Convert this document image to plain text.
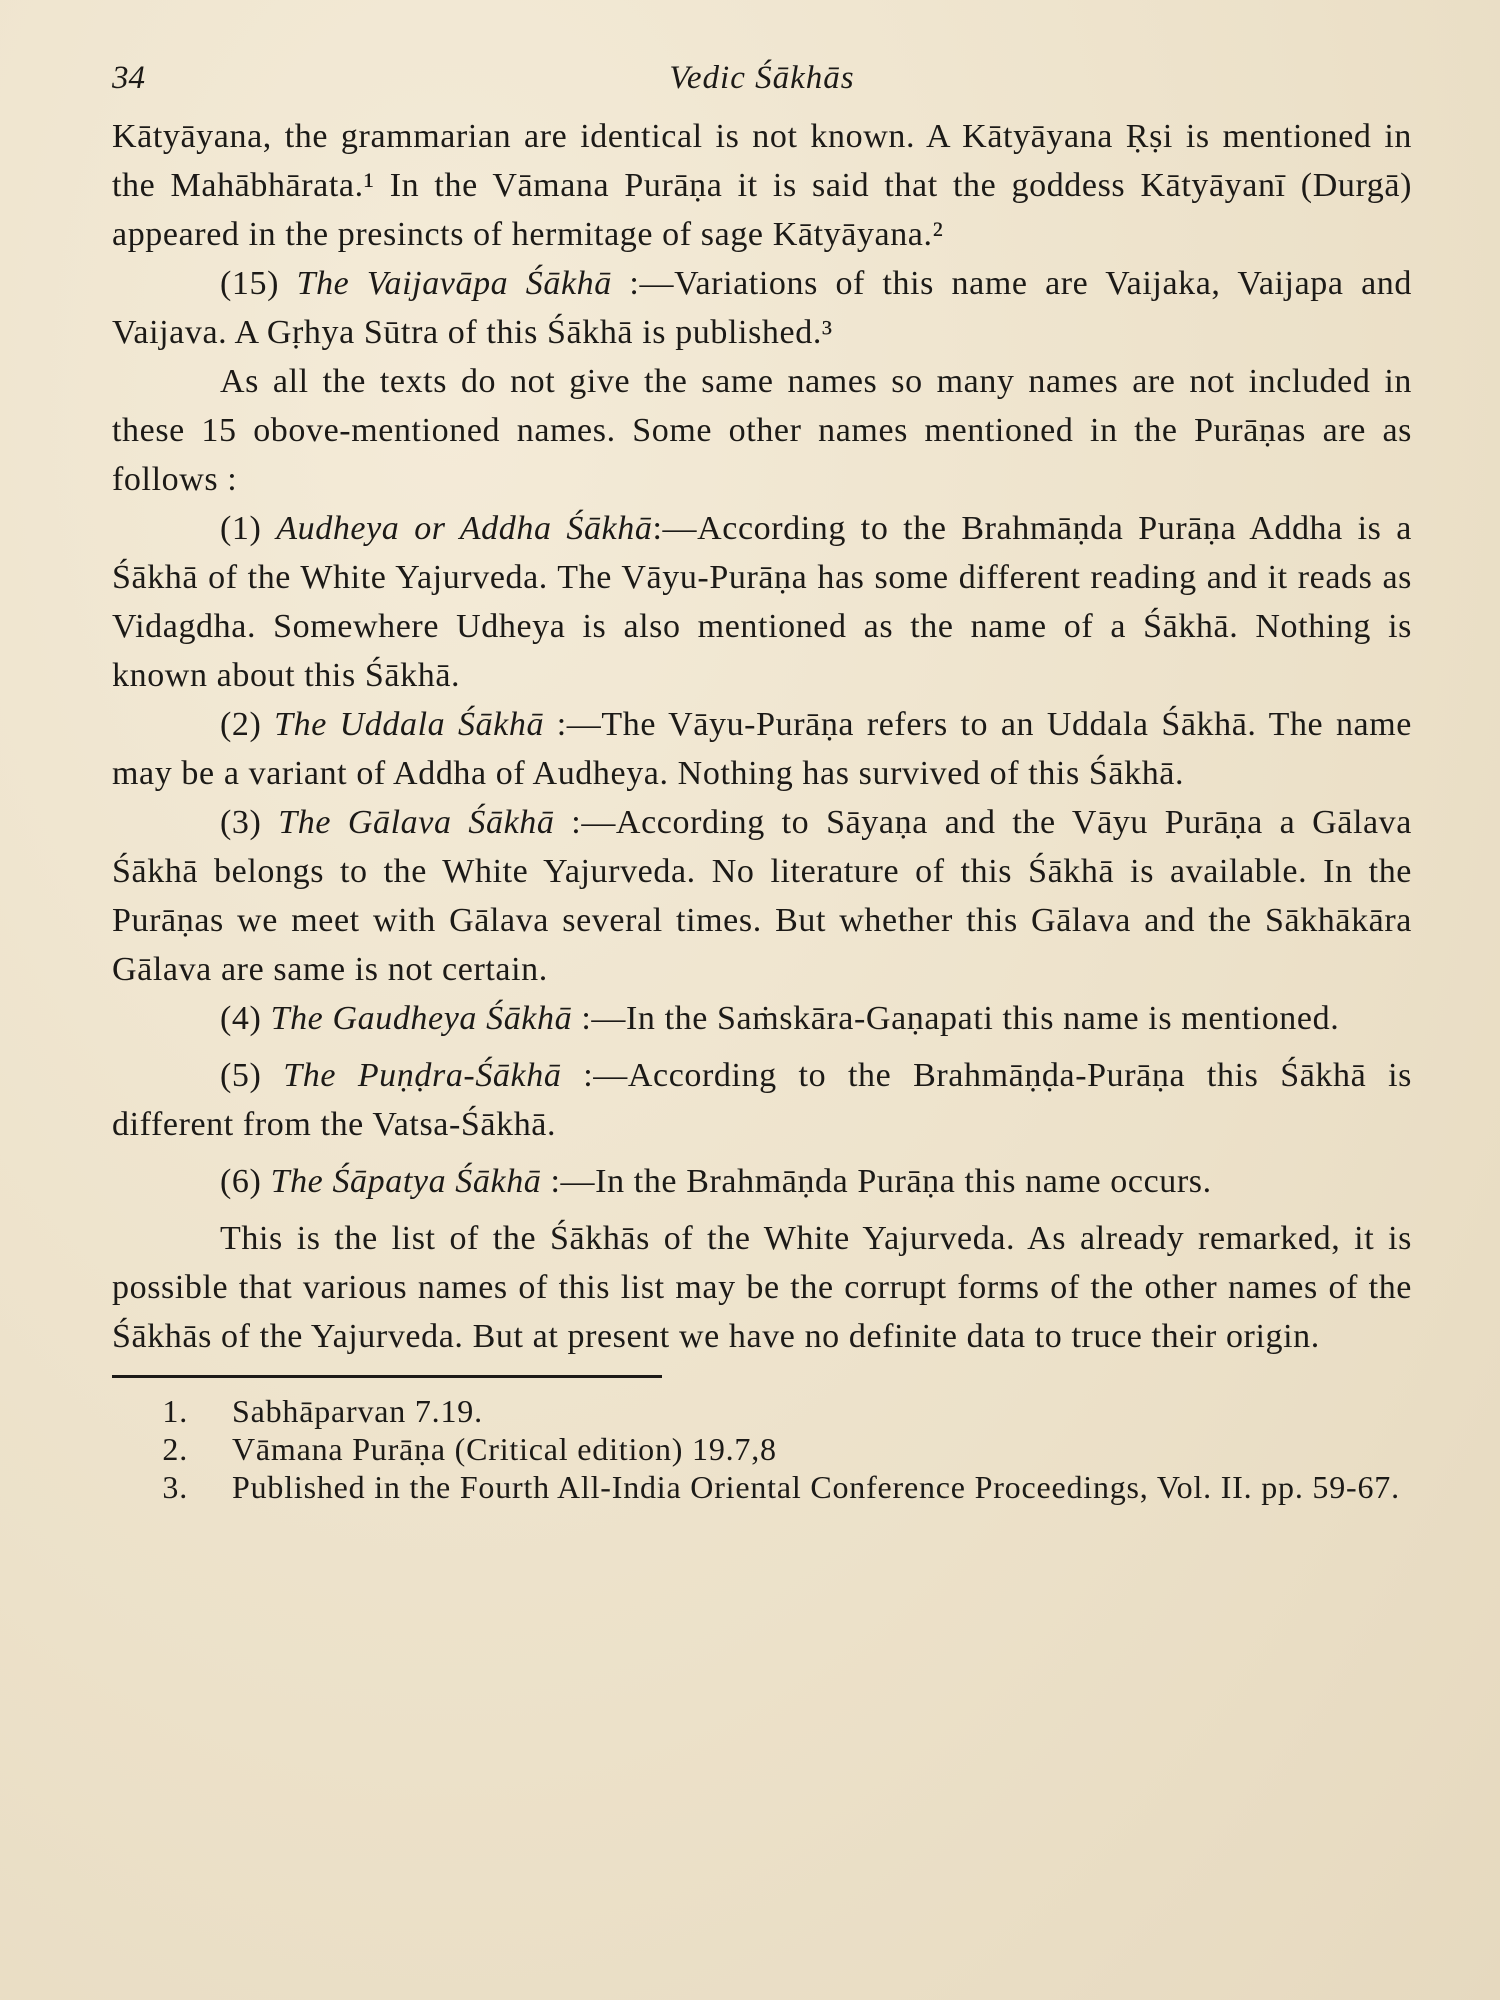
34	Vedic Śākhās

Kātyāyana, the grammarian are identical is not known. A Kātyāyana Ṛṣi is mentioned in the Mahābhārata.¹ In the Vāmana Purāṇa it is said that the goddess Kātyāyanī (Durgā) appeared in the presincts of hermitage of sage Kātyāyana.²

(15) The Vaijavāpa Śākhā :—Variations of this name are Vaijaka, Vaijapa and Vaijava. A Gṛhya Sūtra of this Śākhā is published.³

As all the texts do not give the same names so many names are not included in these 15 obove-mentioned names. Some other names mentioned in the Purāṇas are as follows :

(1) Audheya or Addha Śākhā:—According to the Brahmāṇda Purāṇa Addha is a Śākhā of the White Yajurveda. The Vāyu-Purāṇa has some different reading and it reads as Vidagdha. Somewhere Udheya is also mentioned as the name of a Śākhā. Nothing is known about this Śākhā.

(2) The Uddala Śākhā :—The Vāyu-Purāṇa refers to an Uddala Śākhā. The name may be a variant of Addha of Audheya. Nothing has survived of this Śākhā.

(3) The Gālava Śākhā :—According to Sāyaṇa and the Vāyu Purāṇa a Gālava Śākhā belongs to the White Yajurveda. No literature of this Śākhā is available. In the Purāṇas we meet with Gālava several times. But whether this Gālava and the Sākhākāra Gālava are same is not certain.

(4) The Gaudheya Śākhā :—In the Saṁskāra-Gaṇapati this name is mentioned.

(5) The Puṇḍra-Śākhā :—According to the Brahmāṇḍa-Purāṇa this Śākhā is different from the Vatsa-Śākhā.

(6) The Śāpatya Śākhā :—In the Brahmāṇda Purāṇa this name occurs.

This is the list of the Śākhās of the White Yajurveda. As already remarked, it is possible that various names of this list may be the corrupt forms of the other names of the Śākhās of the Yajurveda. But at present we have no definite data to truce their origin.

1.	Sabhāparvan 7.19.
2.	Vāmana Purāṇa (Critical edition) 19.7,8
3.	Published in the Fourth All-India Oriental Conference Proceedings, Vol. II. pp. 59-67.
